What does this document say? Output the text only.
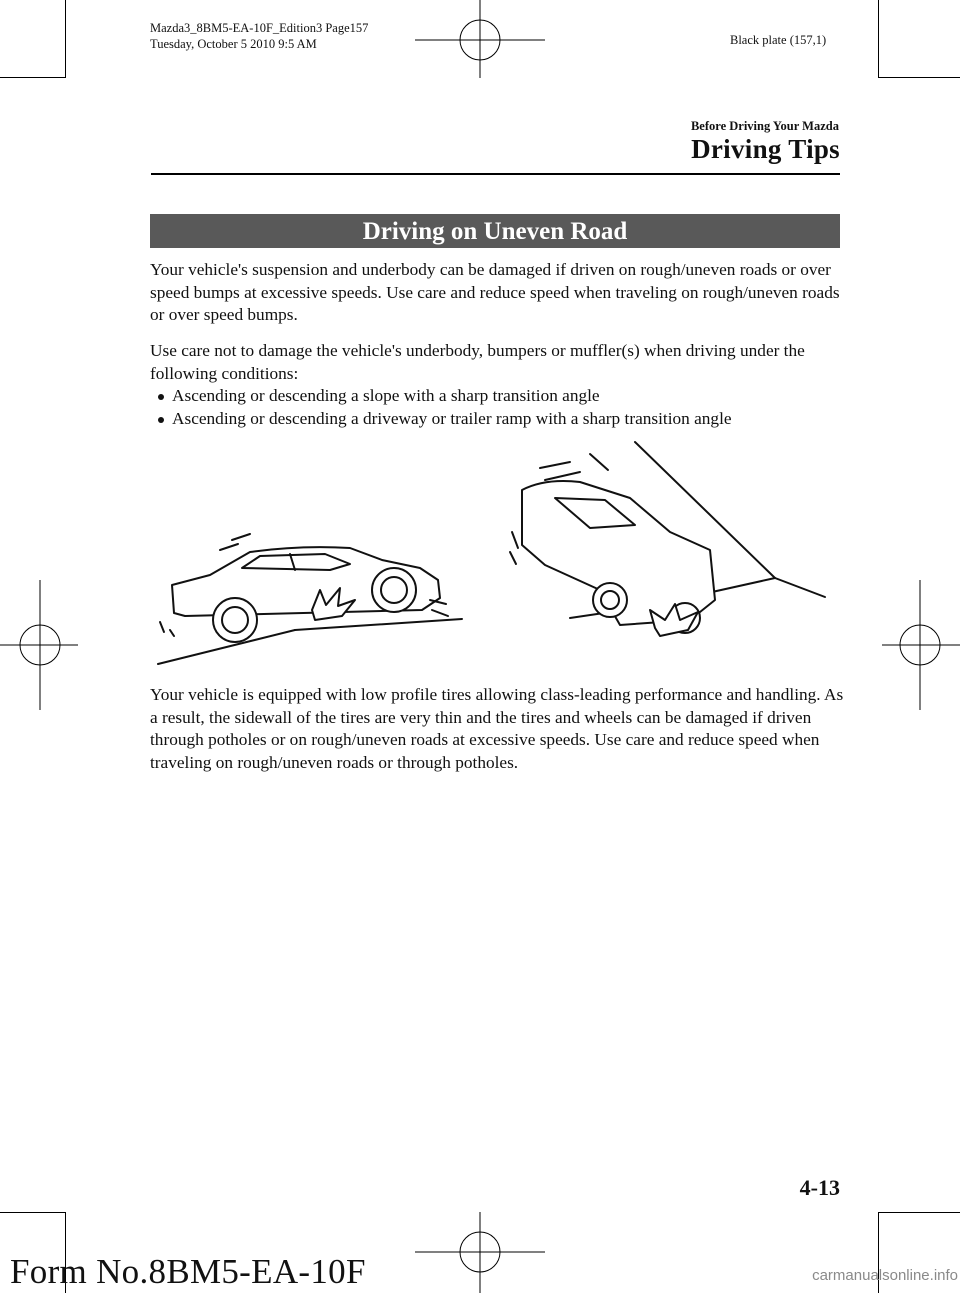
Mazda3_8BM5-EA-10F_Edition3 Page157
Tuesday, October 5 2010 9:5 AM	Black plate (157,1)
Before Driving Your Mazda
Driving Tips
Driving on Uneven Road
Your vehicle's suspension and underbody can be damaged if driven on rough/uneven roads or over speed bumps at excessive speeds. Use care and reduce speed when traveling on rough/uneven roads or over speed bumps.
Use care not to damage the vehicle's underbody, bumpers or muffler(s) when driving under the following conditions:
Ascending or descending a slope with a sharp transition angle
Ascending or descending a driveway or trailer ramp with a sharp transition angle
Your vehicle is equipped with low profile tires allowing class-leading performance and handling. As a result, the sidewall of the tires are very thin and the tires and wheels can be damaged if driven through potholes or on rough/uneven roads at excessive speeds. Use care and reduce speed when traveling on rough/uneven roads or through potholes.
4-13
Form No.8BM5-EA-10F	carmanualsonline.info
